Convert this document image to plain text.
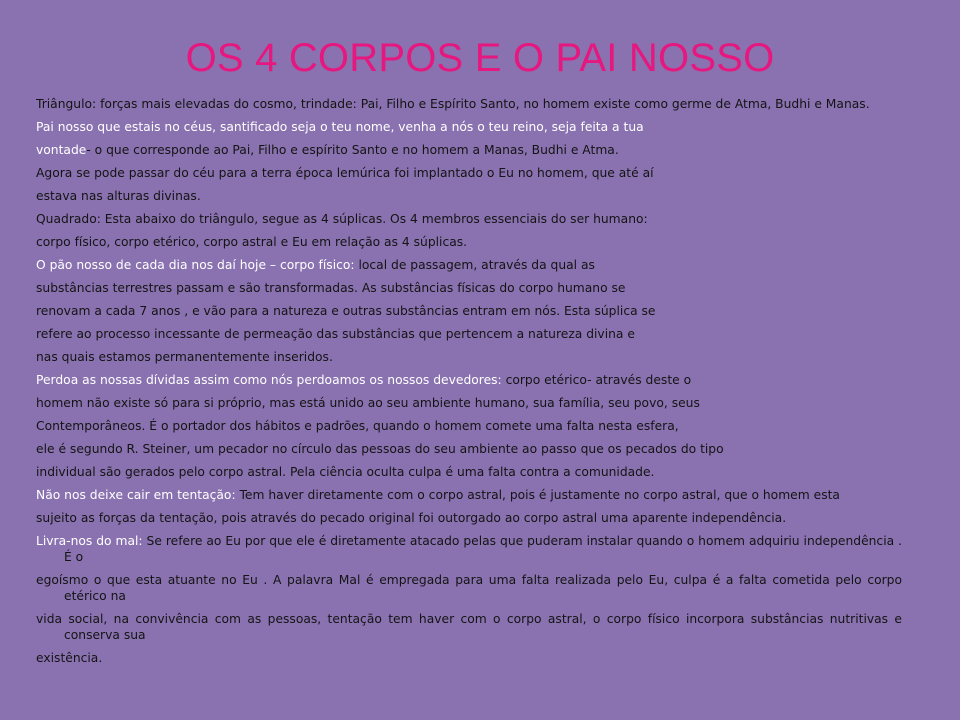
OS 4 CORPOS E O PAI NOSSO

Triângulo: forças mais elevadas do cosmo, trindade: Pai, Filho e Espírito Santo, no homem existe como germe de Atma, Budhi e Manas.

Pai nosso que estais no céus, santificado seja o teu nome, venha a nós o teu reino, seja feita a tua

vontade- o que corresponde ao Pai, Filho e espírito Santo e no homem a Manas, Budhi e Atma.

Agora se pode passar do céu para a terra época lemúrica foi implantado o Eu no homem, que até aí

estava nas alturas divinas.

Quadrado: Esta abaixo do triângulo, segue as 4 súplicas. Os 4 membros essenciais do ser humano:

corpo físico, corpo etérico, corpo astral e Eu em relação as 4 súplicas.

O pão nosso de cada dia nos daí hoje – corpo físico: local de passagem, através da qual as

substâncias terrestres passam e são transformadas. As substâncias físicas do corpo humano se

renovam a cada 7 anos , e vão para a natureza e outras substâncias entram em nós. Esta súplica se

refere ao processo incessante de permeação das substâncias que pertencem a natureza divina e

nas quais estamos permanentemente inseridos.

Perdoa as nossas dívidas assim como nós perdoamos os nossos devedores: corpo etérico- através deste o

homem não existe só para si próprio, mas está unido ao seu ambiente humano, sua família, seu povo, seus

Contemporâneos. É o portador dos hábitos e padrões, quando o homem comete uma falta nesta esfera,

ele é segundo R. Steiner, um pecador no círculo das pessoas do seu ambiente ao passo que os pecados do tipo

individual são gerados pelo corpo astral. Pela ciência oculta culpa é uma falta contra a comunidade.

Não nos deixe cair em tentação: Tem haver diretamente com o corpo astral, pois é justamente no corpo astral, que o homem esta

sujeito as forças da tentação, pois através do pecado original foi outorgado ao corpo astral uma aparente independência.

Livra-nos do mal: Se refere ao Eu por que ele é diretamente atacado pelas que puderam instalar quando o homem adquiriu independência . É o

egoísmo o que esta atuante no Eu . A palavra Mal é empregada para uma falta realizada pelo Eu, culpa é a falta cometida pelo corpo etérico na

vida social, na convivência com as pessoas, tentação tem haver com o corpo astral, o corpo físico incorpora substâncias nutritivas e conserva sua

existência.
